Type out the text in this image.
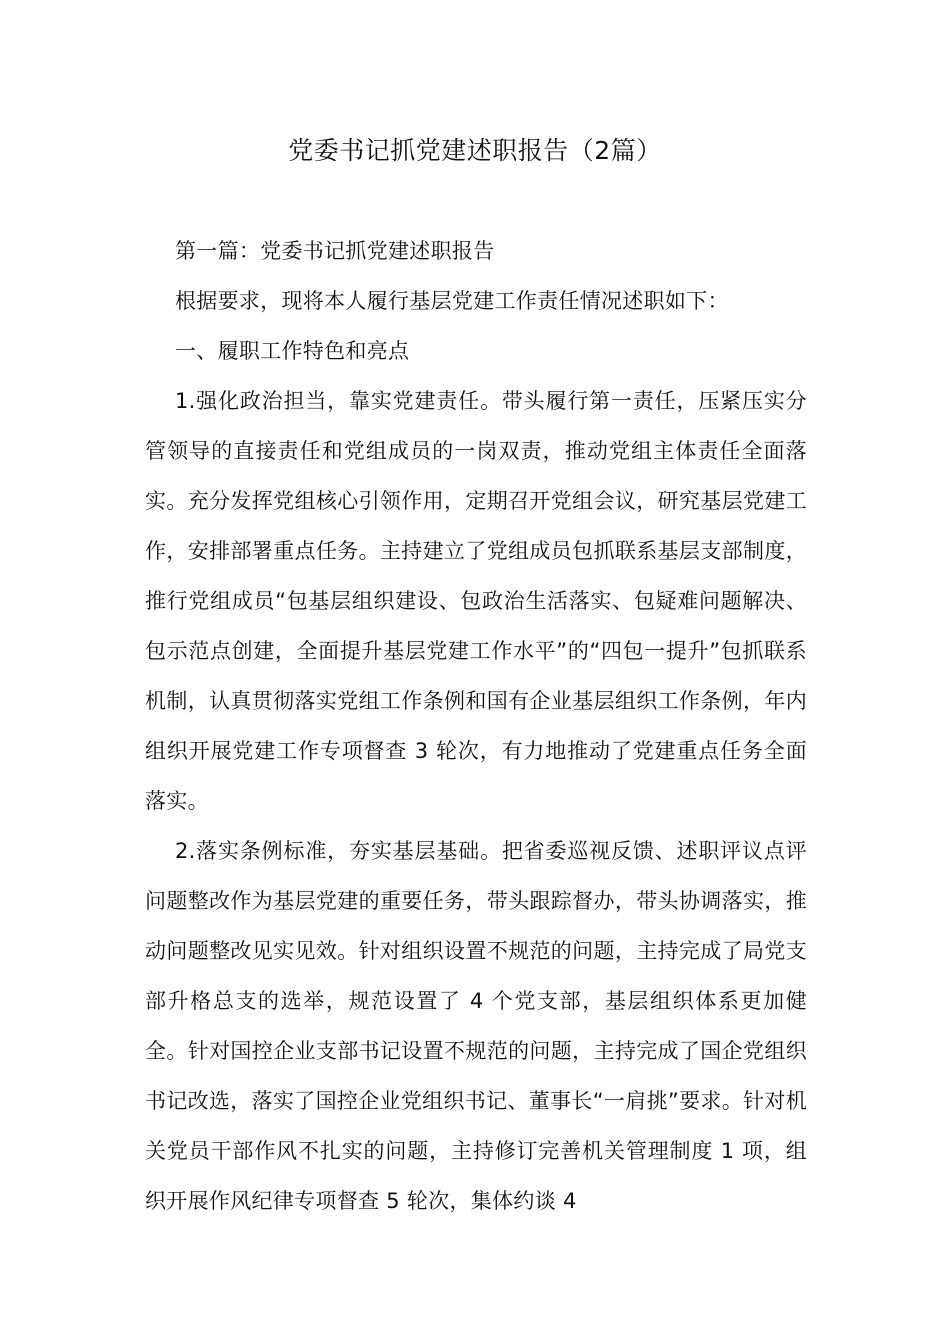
党委书记抓党建述职报告（2篇）

第一篇：党委书记抓党建述职报告

根据要求，现将本人履行基层党建工作责任情况述职如下：

一、履职工作特色和亮点

1.强化政治担当，靠实党建责任。带头履行第一责任，压紧压实分管领导的直接责任和党组成员的一岗双责，推动党组主体责任全面落实。充分发挥党组核心引领作用，定期召开党组会议，研究基层党建工作，安排部署重点任务。主持建立了党组成员包抓联系基层支部制度，推行党组成员“包基层组织建设、包政治生活落实、包疑难问题解决、包示范点创建，全面提升基层党建工作水平”的“四包一提升”包抓联系机制，认真贯彻落实党组工作条例和国有企业基层组织工作条例，年内组织开展党建工作专项督查 3 轮次，有力地推动了党建重点任务全面落实。

2.落实条例标准，夯实基层基础。把省委巡视反馈、述职评议点评问题整改作为基层党建的重要任务，带头跟踪督办，带头协调落实，推动问题整改见实见效。针对组织设置不规范的问题，主持完成了局党支部升格总支的选举，规范设置了 4 个党支部，基层组织体系更加健全。针对国控企业支部书记设置不规范的问题，主持完成了国企党组织书记改选，落实了国控企业党组织书记、董事长“一肩挑”要求。针对机关党员干部作风不扎实的问题，主持修订完善机关管理制度 1 项，组织开展作风纪律专项督查 5 轮次，集体约谈 4
